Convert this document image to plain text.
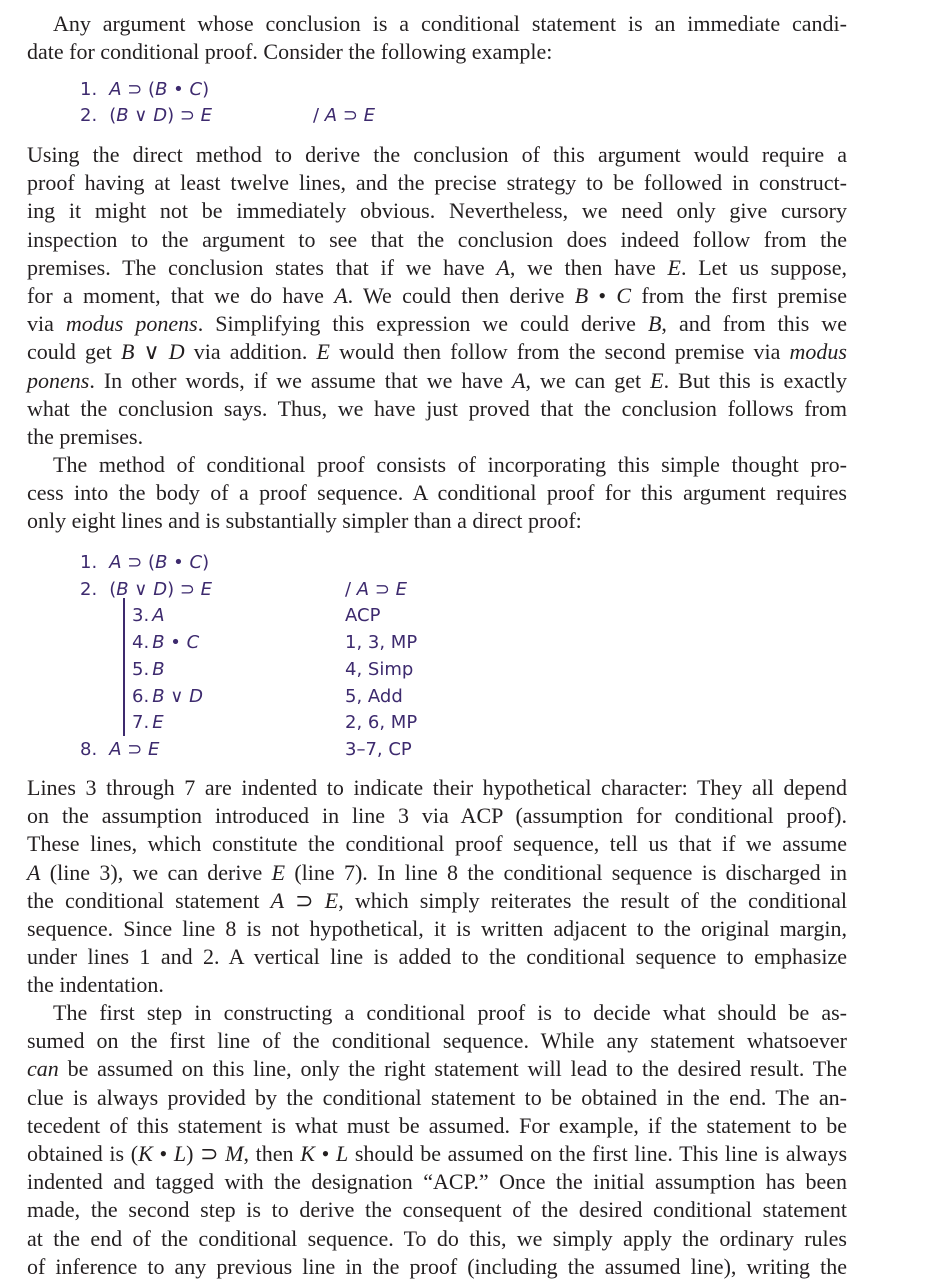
Any argument whose conclusion is a conditional statement is an immediate candi-
date for conditional proof. Consider the following example:
1. A ⊃ (B • C)
2. (B ∨ D) ⊃ E	/ A ⊃ E
Using the direct method to derive the conclusion of this argument would require a
proof having at least twelve lines, and the precise strategy to be followed in construct-
ing it might not be immediately obvious. Nevertheless, we need only give cursory
inspection to the argument to see that the conclusion does indeed follow from the
premises. The conclusion states that if we have A, we then have E. Let us suppose,
for a moment, that we do have A. We could then derive B • C from the first premise
via modus ponens. Simplifying this expression we could derive B, and from this we
could get B ∨ D via addition. E would then follow from the second premise via modus
ponens. In other words, if we assume that we have A, we can get E. But this is exactly
what the conclusion says. Thus, we have just proved that the conclusion follows from
the premises.
The method of conditional proof consists of incorporating this simple thought pro-
cess into the body of a proof sequence. A conditional proof for this argument requires
only eight lines and is substantially simpler than a direct proof:
1. A ⊃ (B • C)
2. (B ∨ D) ⊃ E	/ A ⊃ E
3. A	ACP
4. B • C	1, 3, MP
5. B	4, Simp
6. B ∨ D	5, Add
7. E	2, 6, MP
8. A ⊃ E	3–7, CP
Lines 3 through 7 are indented to indicate their hypothetical character: They all depend
on the assumption introduced in line 3 via ACP (assumption for conditional proof).
These lines, which constitute the conditional proof sequence, tell us that if we assume
A (line 3), we can derive E (line 7). In line 8 the conditional sequence is discharged in
the conditional statement A ⊃ E, which simply reiterates the result of the conditional
sequence. Since line 8 is not hypothetical, it is written adjacent to the original margin,
under lines 1 and 2. A vertical line is added to the conditional sequence to emphasize
the indentation.
The first step in constructing a conditional proof is to decide what should be as-
sumed on the first line of the conditional sequence. While any statement whatsoever
can be assumed on this line, only the right statement will lead to the desired result. The
clue is always provided by the conditional statement to be obtained in the end. The an-
tecedent of this statement is what must be assumed. For example, if the statement to be
obtained is (K • L) ⊃ M, then K • L should be assumed on the first line. This line is always
indented and tagged with the designation “ACP.” Once the initial assumption has been
made, the second step is to derive the consequent of the desired conditional statement
at the end of the conditional sequence. To do this, we simply apply the ordinary rules
of inference to any previous line in the proof (including the assumed line), writing the
